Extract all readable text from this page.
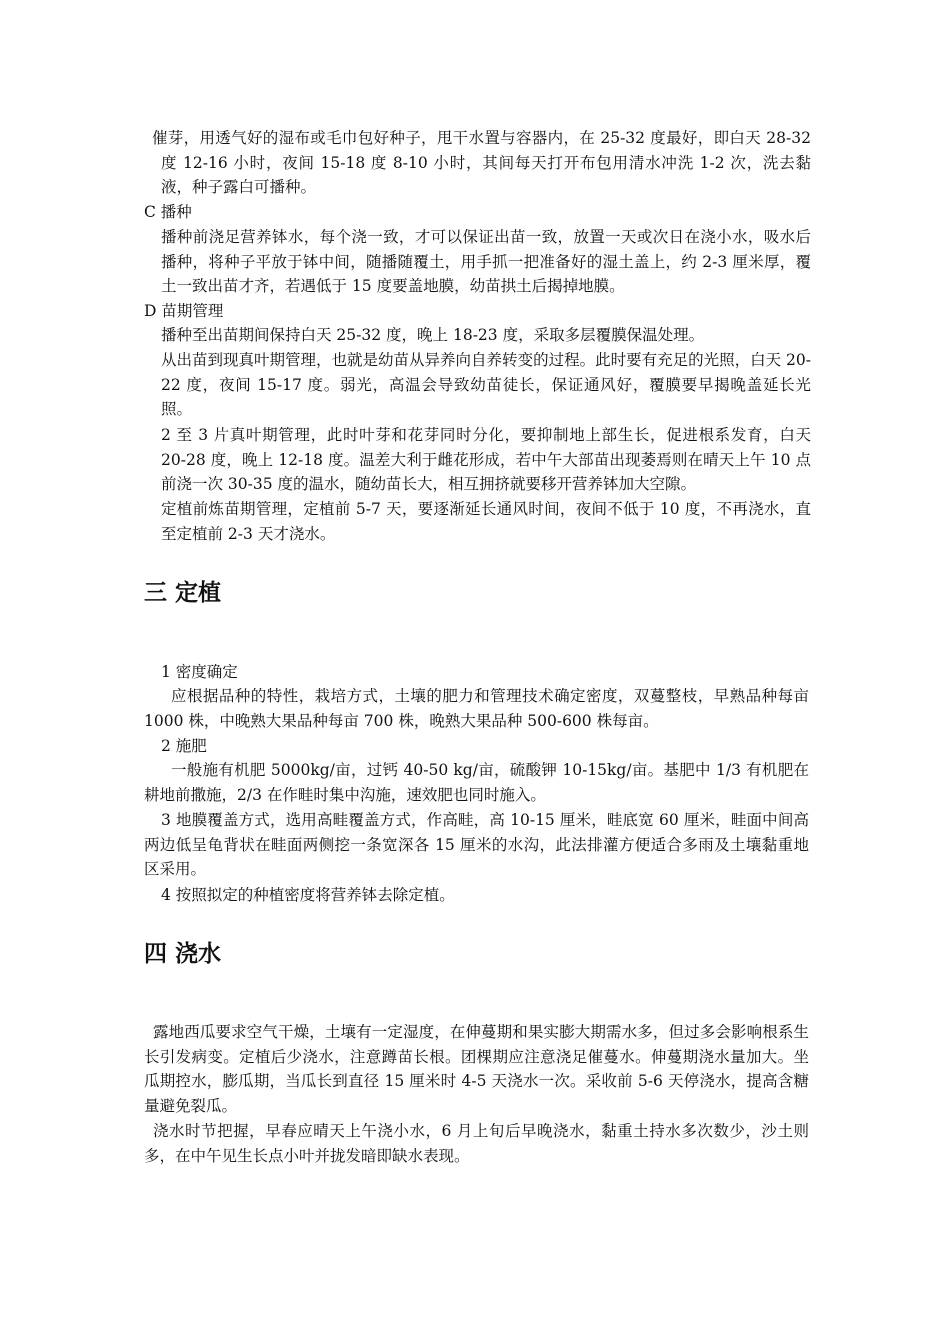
催芽，用透气好的湿布或毛巾包好种子，甩干水置与容器内，在 25-32 度最好，即白天 28-32 度 12-16 小时，夜间 15-18 度 8-10 小时，其间每天打开布包用清水冲洗 1-2 次，洗去黏液，种子露白可播种。

C 播种

播种前浇足营养钵水，每个浇一致，才可以保证出苗一致，放置一天或次日在浇小水，吸水后播种，将种子平放于钵中间，随播随覆土，用手抓一把准备好的湿土盖上，约 2-3 厘米厚，覆土一致出苗才齐，若遇低于 15 度要盖地膜，幼苗拱土后揭掉地膜。

D 苗期管理

播种至出苗期间保持白天 25-32 度，晚上 18-23 度，采取多层覆膜保温处理。

从出苗到现真叶期管理，也就是幼苗从异养向自养转变的过程。此时要有充足的光照，白天 20-22 度，夜间 15-17 度。弱光，高温会导致幼苗徒长，保证通风好，覆膜要早揭晚盖延长光照。

2 至 3 片真叶期管理，此时叶芽和花芽同时分化，要抑制地上部生长，促进根系发育，白天 20-28 度，晚上 12-18 度。温差大利于雌花形成，若中午大部苗出现萎焉则在晴天上午 10 点前浇一次 30-35 度的温水，随幼苗长大，相互拥挤就要移开营养钵加大空隙。

定植前炼苗期管理，定植前 5-7 天，要逐渐延长通风时间，夜间不低于 10 度，不再浇水，直至定植前 2-3 天才浇水。

三 定植

1 密度确定

应根据品种的特性，栽培方式，土壤的肥力和管理技术确定密度，双蔓整枝，早熟品种每亩 1000 株，中晚熟大果品种每亩 700 株，晚熟大果品种 500-600 株每亩。

2 施肥

一般施有机肥 5000kg/亩，过钙 40-50 kg/亩，硫酸钾 10-15kg/亩。基肥中 1/3 有机肥在耕地前撒施，2/3 在作畦时集中沟施，速效肥也同时施入。

3 地膜覆盖方式，选用高畦覆盖方式，作高畦，高 10-15 厘米，畦底宽 60 厘米，畦面中间高两边低呈龟背状在畦面两侧挖一条宽深各 15 厘米的水沟，此法排灌方便适合多雨及土壤黏重地区采用。

4 按照拟定的种植密度将营养钵去除定植。

四 浇水

露地西瓜要求空气干燥，土壤有一定湿度，在伸蔓期和果实膨大期需水多，但过多会影响根系生长引发病变。定植后少浇水，注意蹲苗长根。团棵期应注意浇足催蔓水。伸蔓期浇水量加大。坐瓜期控水，膨瓜期，当瓜长到直径 15 厘米时 4-5 天浇水一次。采收前 5-6 天停浇水，提高含糖量避免裂瓜。

浇水时节把握，早春应晴天上午浇小水，6 月上旬后早晚浇水，黏重土持水多次数少，沙土则多，在中午见生长点小叶并拢发暗即缺水表现。
